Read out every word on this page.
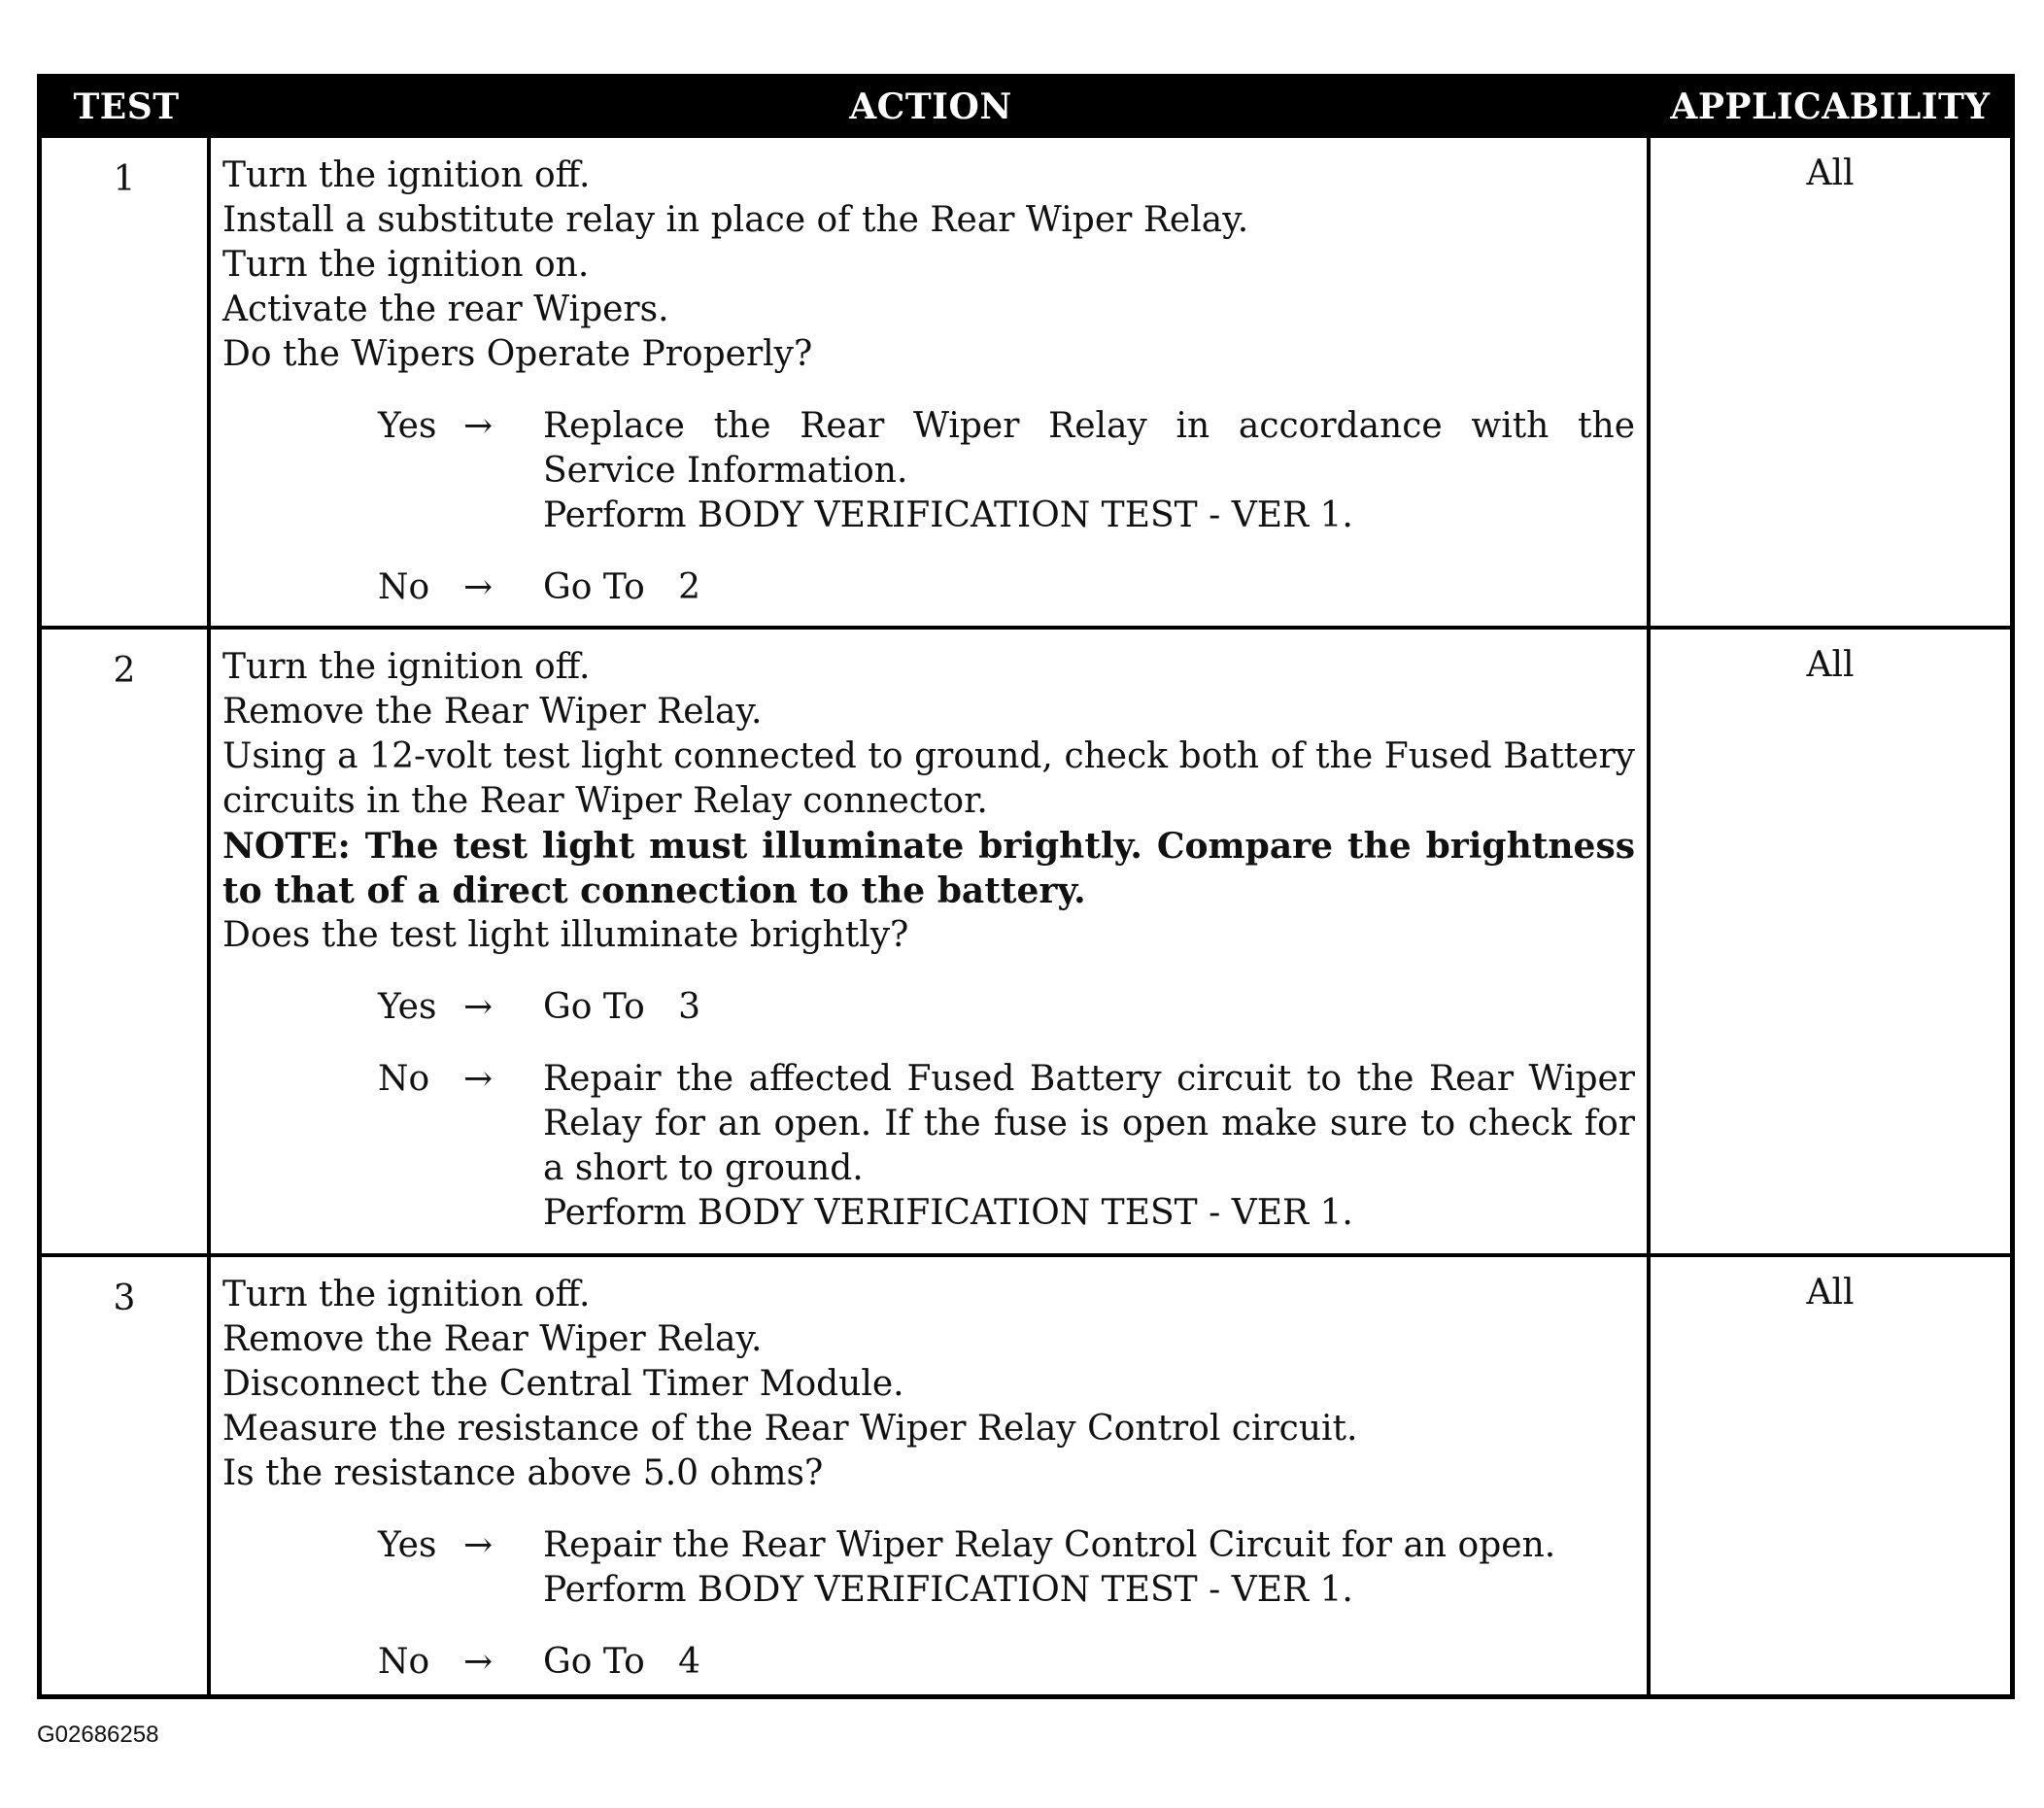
TEST	ACTION	APPLICABILITY
1	Turn the ignition off.
Install a substitute relay in place of the Rear Wiper Relay.
Turn the ignition on.
Activate the rear Wipers.
Do the Wipers Operate Properly?
Yes →	Replace the Rear Wiper Relay in accordance with the Service Information.
Perform BODY VERIFICATION TEST - VER 1.
No →	Go To   2
All
2	Turn the ignition off.
Remove the Rear Wiper Relay.
Using a 12-volt test light connected to ground, check both of the Fused Battery circuits in the Rear Wiper Relay connector.
NOTE: The test light must illuminate brightly. Compare the brightness to that of a direct connection to the battery.
Does the test light illuminate brightly?
Yes →	Go To   3
No →	Repair the affected Fused Battery circuit to the Rear Wiper Relay for an open. If the fuse is open make sure to check for a short to ground.
Perform BODY VERIFICATION TEST - VER 1.
All
3	Turn the ignition off.
Remove the Rear Wiper Relay.
Disconnect the Central Timer Module.
Measure the resistance of the Rear Wiper Relay Control circuit.
Is the resistance above 5.0 ohms?
Yes →	Repair the Rear Wiper Relay Control Circuit for an open.
Perform BODY VERIFICATION TEST - VER 1.
No →	Go To   4
All
G02686258
